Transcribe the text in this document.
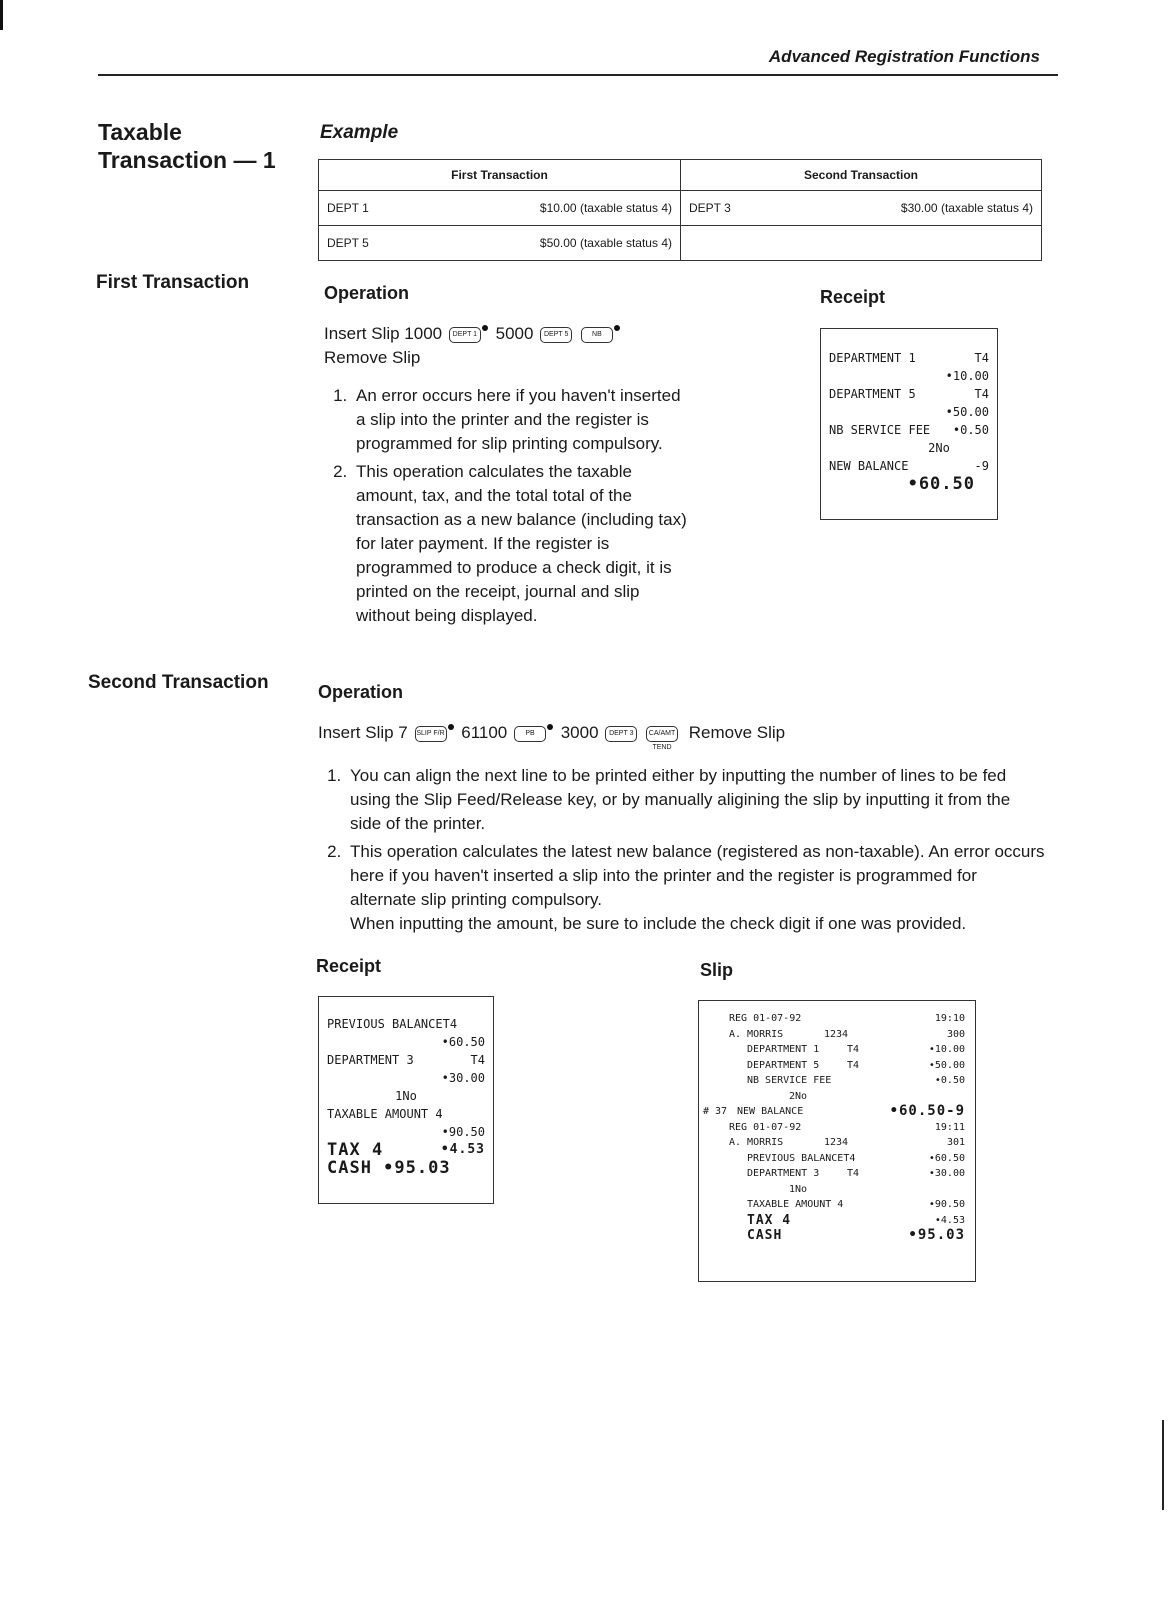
Advanced Registration Functions
Taxable
Transaction — 1
Example
First Transaction	Second Transaction
DEPT 1 $10.00 (taxable status 4)	DEPT 3 $30.00 (taxable status 4)

DEPT 5 $50.00 (taxable status 4)	

First Transaction	Operation
Insert Slip 1000 DEPT 1 5000 DEPT 5	NB
Remove Slip
1. An error occurs here if you haven't inserted a slip into the printer and the register is programmed for slip printing compulsory.
2. This operation calculates the taxable amount, tax, and the total total of the transaction as a new balance (including tax) for later payment. If the register is programmed to produce a check digit, it is printed on the receipt, journal and slip without being displayed.
Receipt
DEPARTMENT 1	T4
•10.00
DEPARTMENT 5	T4
•50.00
NB SERVICE FEE •0.50
2No
NEW BALANCE	-9
•60.50
Second Transaction	Operation
Insert Slip 7 SLIP F/R 61100	PB 3000 DEPT 3 CA/AMT TEND Remove Slip
1. You can align the next line to be printed either by inputting the number of lines to be fed using the Slip Feed/Release key, or by manually aligining the slip by inputting it from the side of the printer.
2. This operation calculates the latest new balance (registered as non-taxable). An error occurs here if you haven't inserted a slip into the printer and the register is programmed for alternate slip printing compulsory.
When inputting the amount, be sure to include the check digit if one was provided.
Receipt
PREVIOUS BALANCET4
•60.50
DEPARTMENT 3	T4
•30.00
1No
TAXABLE AMOUNT 4
•90.50
TAX 4	•4.53
CASH •95.03
Slip
REG 01-07-92	19:10
A. MORRIS	1234	300
DEPARTMENT 1	T4	•10.00
DEPARTMENT 5	T4	•50.00
NB SERVICE FEE	•0.50
2No
# 37 NEW BALANCE	•60.50-9
REG 01-07-92	19:11
A. MORRIS	1234	301
PREVIOUS BALANCET4	•60.50
DEPARTMENT 3	T4	•30.00
1No
TAXABLE AMOUNT 4	•90.50
TAX 4	•4.53
CASH	•95.03
